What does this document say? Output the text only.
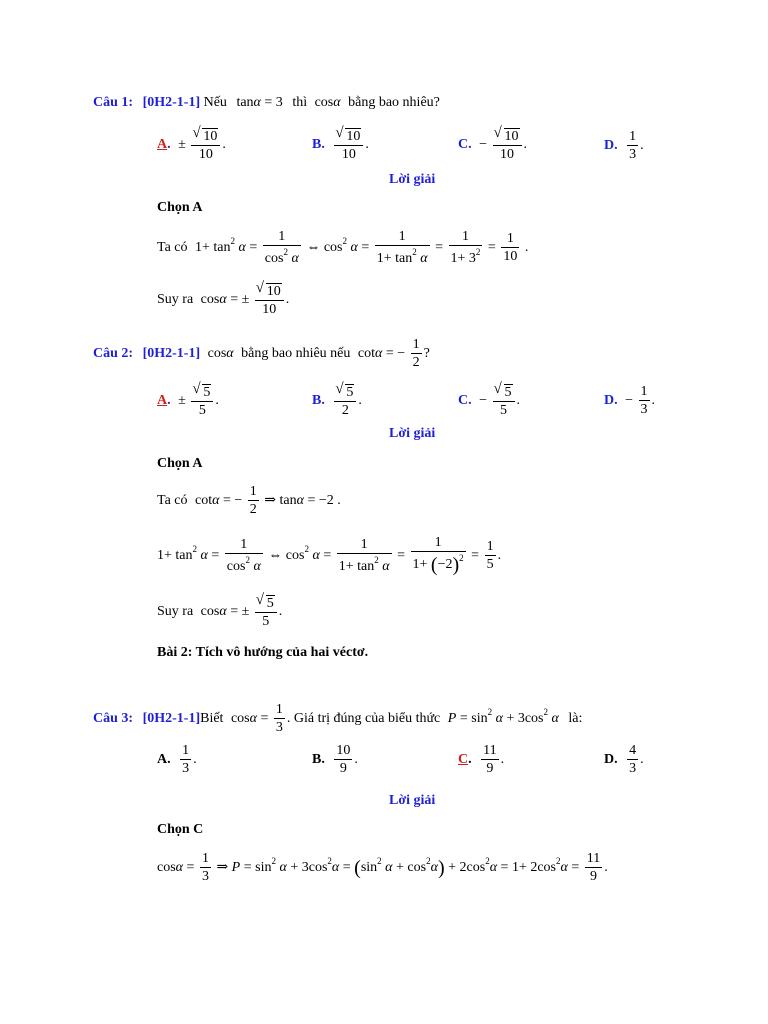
Câu 1: [0H2-1-1] Nếu tanα = 3 thì cosα bằng bao nhiêu?
A. ± √ $\frac{10}{10}$ .	B. √ $\frac{10}{10}$ .	C. − √ $\frac{10}{10}$ .	D. $\frac{1}{3}$ .
Lời giải
Chọn A
Ta có $1+ \tan^2 \alpha = \frac{1}{\cos^2 \alpha}$ ⇔ $\cos^2 \alpha = \frac{1}{1+ \tan^2 \alpha} = \frac{1}{1+ 3^2} = \frac{1}{10}$ .
Suy ra cosα = ± √ $\frac{10}{10}$ .
Câu 2: [0H2-1-1] cosα bằng bao nhiêu nếu cotα = − $\frac{1}{2}$ ?
A. ± √ $\frac{5}{5}$ .	B. √ $\frac{5}{2}$ .	C. − √ $\frac{5}{5}$ .	D. − $\frac{1}{3}$ .
Lời giải
Chọn A
Ta có cotα = − $\frac{1}{2}$ ⇒ tanα = −2 .
$1+ \tan^2 \alpha = \frac{1}{\cos^2 \alpha}$ ⇔ $\cos^2 \alpha = \frac{1}{1+ \tan^2 \alpha} = \frac{1}{1+ (-2)^2} = \frac{1}{5}$ .
Suy ra cosα = ± √ $\frac{5}{5}$ .
Bài 2: Tích vô hướng của hai véctơ.
Câu 3: [0H2-1-1]Biết $\cos\alpha = \frac{1}{3}$ . Giá trị đúng của biểu thức $P = \sin^2 \alpha + 3\cos^2$ α là:
A. $\frac{1}{3}$ .	B. $\frac{10}{9}$ .	C. $\frac{11}{9}$ .	D. $\frac{4}{3}$ .
Lời giải
Chọn C
$\cos\alpha = \frac{1}{3}$ ⇒ $P = \sin^2 \alpha + 3\cos^2\alpha = (\sin^2$ $\alpha + \cos^2\alpha) + 2\cos^2\alpha = 1+ 2\cos^2\alpha = \frac{11}{9}$ .
